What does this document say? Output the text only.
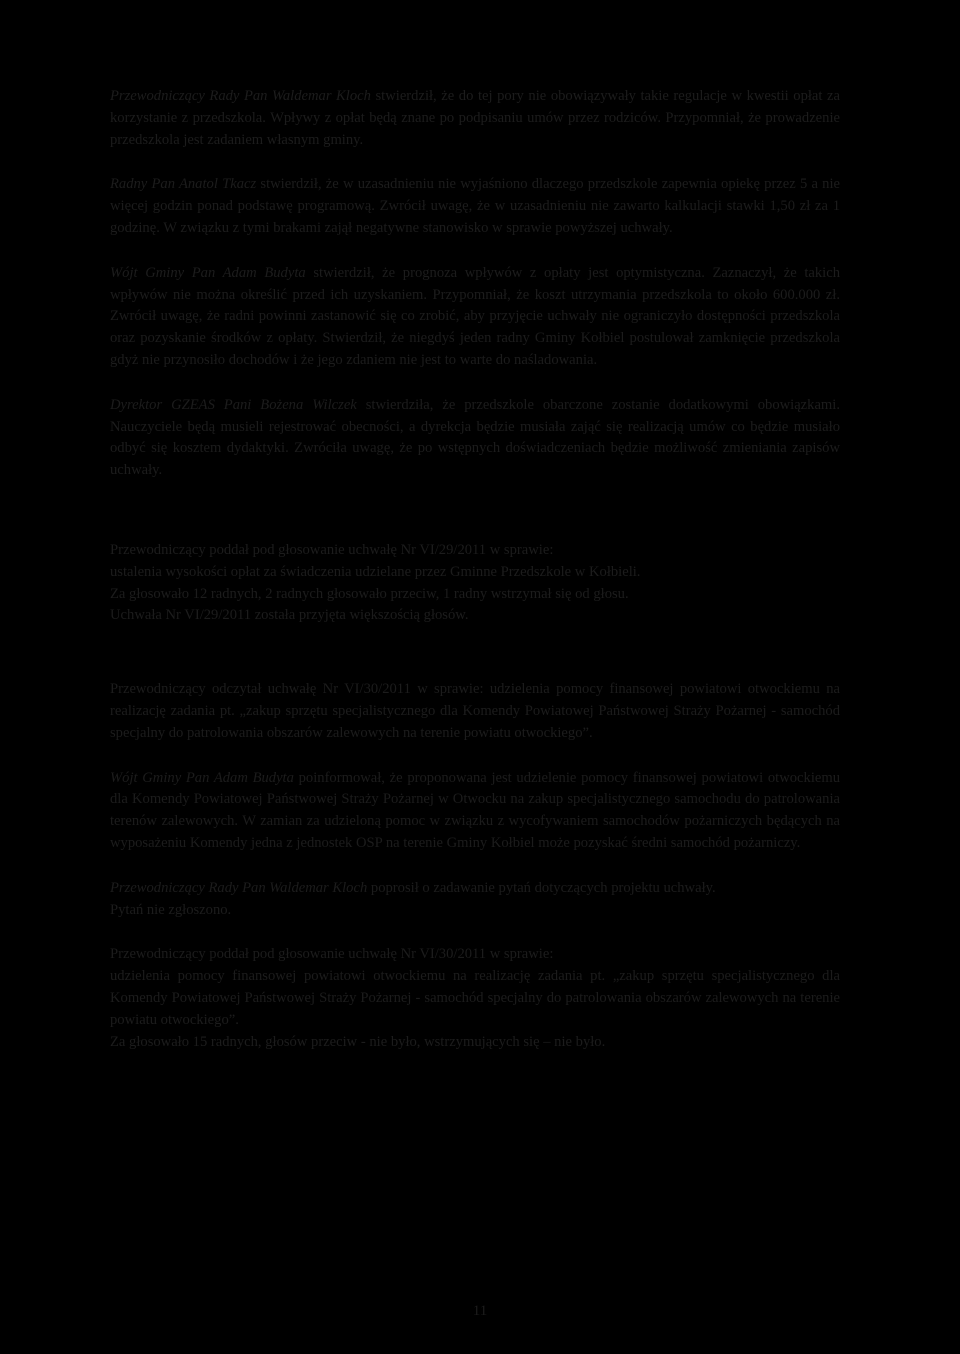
Przewodniczący Rady Pan Waldemar Kloch stwierdził, że do tej pory nie obowiązywały takie regulacje w kwestii opłat za korzystanie z przedszkola. Wpływy z opłat będą znane po podpisaniu umów przez rodziców. Przypomniał, że prowadzenie przedszkola jest zadaniem własnym gminy.

Radny Pan Anatol Tkacz stwierdził, że w uzasadnieniu nie wyjaśniono dlaczego przedszkole zapewnia opiekę przez 5 a nie więcej godzin ponad podstawę programową. Zwrócił uwagę, że w uzasadnieniu nie zawarto kalkulacji stawki 1,50 zł za 1 godzinę. W związku z tymi brakami zajął negatywne stanowisko w sprawie powyższej uchwały.

Wójt Gminy Pan Adam Budyta stwierdził, że prognoza wpływów z opłaty jest optymistyczna. Zaznaczył, że takich wpływów nie można określić przed ich uzyskaniem. Przypomniał, że koszt utrzymania przedszkola to około 600.000 zł. Zwrócił uwagę, że radni powinni zastanowić się co zrobić, aby przyjęcie uchwały nie ograniczyło dostępności przedszkola oraz pozyskanie środków z opłaty. Stwierdził, że niegdyś jeden radny Gminy Kołbiel postulował zamknięcie przedszkola gdyż nie przynosiło dochodów i że jego zdaniem nie jest to warte do naśladowania.

Dyrektor GZEAS Pani Bożena Wilczek stwierdziła, że przedszkole obarczone zostanie dodatkowymi obowiązkami. Nauczyciele będą musieli rejestrować obecności, a dyrekcja będzie musiała zająć się realizacją umów co będzie musiało odbyć się kosztem dydaktyki. Zwróciła uwagę, że po wstępnych doświadczeniach będzie możliwość zmieniania zapisów uchwały.

Przewodniczący poddał pod głosowanie uchwałę Nr VI/29/2011 w sprawie:
ustalenia wysokości opłat za świadczenia udzielane przez Gminne Przedszkole w Kołbieli.
Za głosowało 12 radnych, 2 radnych głosowało przeciw, 1 radny wstrzymał się od głosu.
Uchwała Nr VI/29/2011 została przyjęta większością głosów.

Przewodniczący odczytał uchwałę Nr VI/30/2011 w sprawie: udzielenia pomocy finansowej powiatowi otwockiemu na realizację zadania pt. „zakup sprzętu specjalistycznego dla Komendy Powiatowej Państwowej Straży Pożarnej - samochód specjalny do patrolowania obszarów zalewowych na terenie powiatu otwockiego”.

Wójt Gminy Pan Adam Budyta poinformował, że proponowana jest udzielenie pomocy finansowej powiatowi otwockiemu dla Komendy Powiatowej Państwowej Straży Pożarnej w Otwocku na zakup specjalistycznego samochodu do patrolowania terenów zalewowych. W zamian za udzieloną pomoc w związku z wycofywaniem samochodów pożarniczych będących na wyposażeniu Komendy jedna z jednostek OSP na terenie Gminy Kołbiel może pozyskać średni samochód pożarniczy.

Przewodniczący Rady Pan Waldemar Kloch poprosił o zadawanie pytań dotyczących projektu uchwały.
Pytań nie zgłoszono.

Przewodniczący poddał pod głosowanie uchwałę Nr VI/30/2011 w sprawie:
udzielenia pomocy finansowej powiatowi otwockiemu na realizację zadania pt. „zakup sprzętu specjalistycznego dla Komendy Powiatowej Państwowej Straży Pożarnej - samochód specjalny do patrolowania obszarów zalewowych na terenie powiatu otwockiego”.
Za głosowało 15 radnych, głosów przeciw - nie było, wstrzymujących się – nie było.
11
